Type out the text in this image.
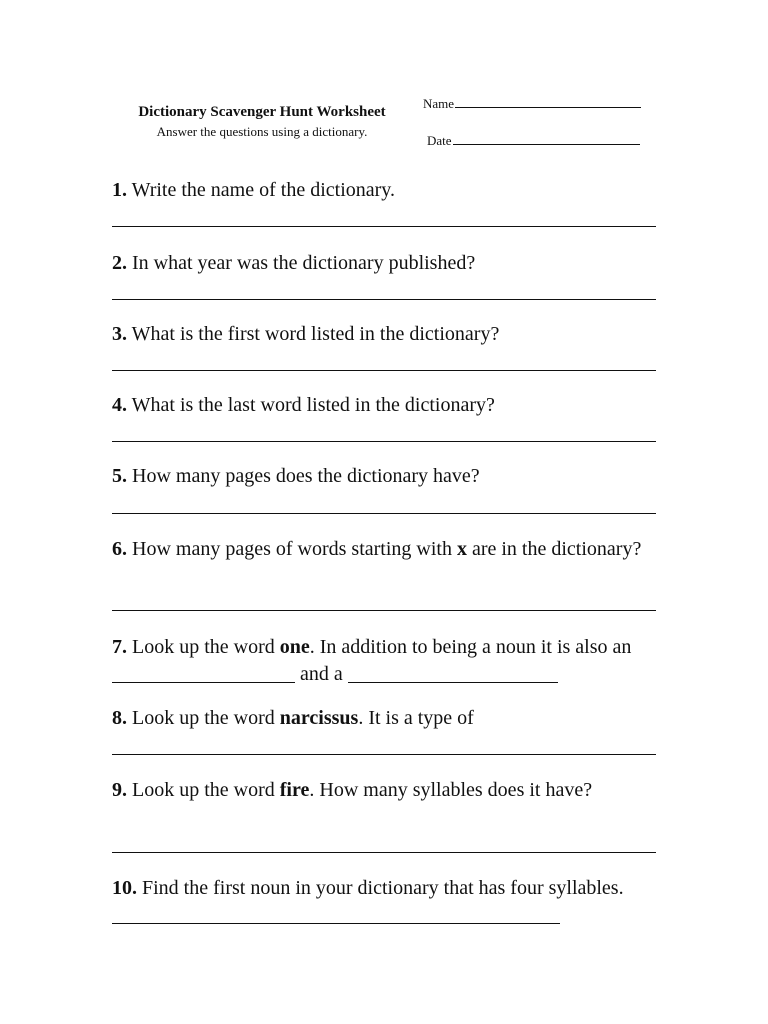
Dictionary Scavenger Hunt Worksheet
Answer the questions using a dictionary.
Name
Date

1. Write the name of the dictionary.

2. In what year was the dictionary published?

3. What is the first word listed in the dictionary?

4. What is the last word listed in the dictionary?

5. How many pages does the dictionary have?

6. How many pages of words starting with x are in the dictionary?

7. Look up the word one. In addition to being a noun it is also an  and a

8. Look up the word narcissus. It is a type of

9. Look up the word fire. How many syllables does it have?

10. Find the first noun in your dictionary that has four syllables.
